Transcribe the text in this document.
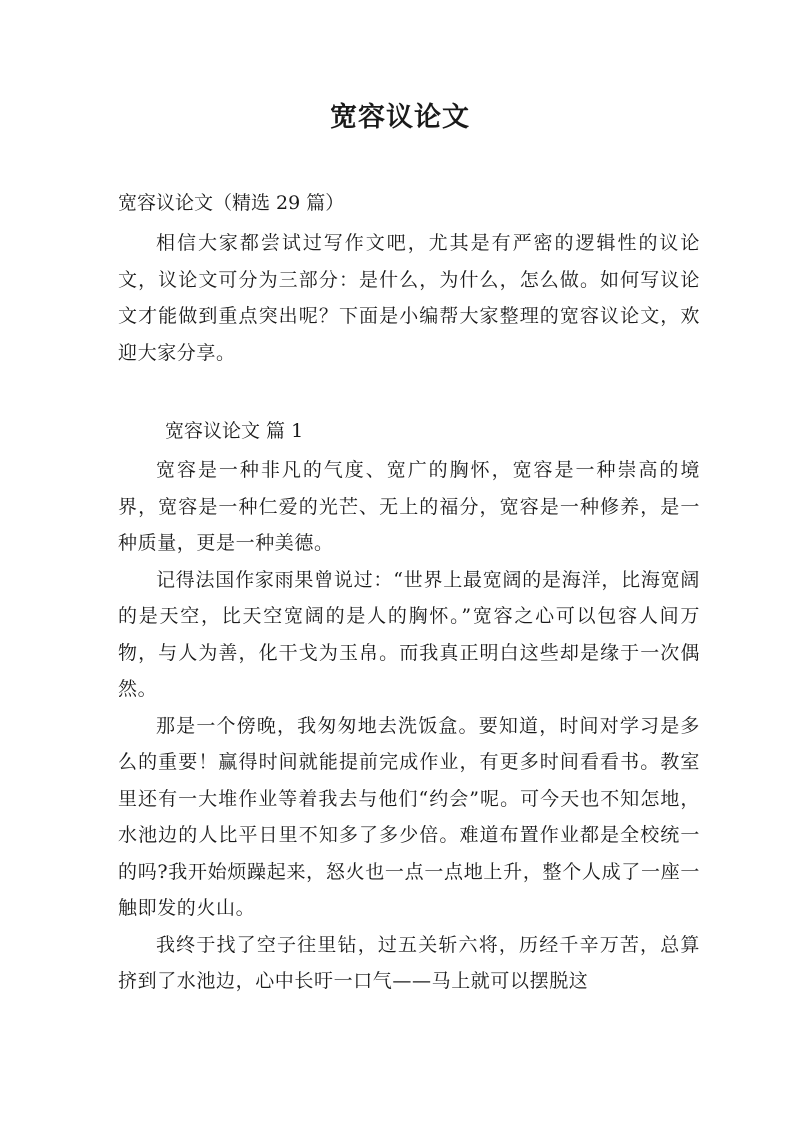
宽容议论文
宽容议论文（精选 29 篇）

相信大家都尝试过写作文吧，尤其是有严密的逻辑性的议论文，议论文可分为三部分：是什么，为什么，怎么做。如何写议论文才能做到重点突出呢？下面是小编帮大家整理的宽容议论文，欢迎大家分享。

宽容议论文 篇 1

宽容是一种非凡的气度、宽广的胸怀，宽容是一种崇高的境界，宽容是一种仁爱的光芒、无上的福分，宽容是一种修养，是一种质量，更是一种美德。

记得法国作家雨果曾说过：“世界上最宽阔的是海洋，比海宽阔的是天空，比天空宽阔的是人的胸怀。”宽容之心可以包容人间万物，与人为善，化干戈为玉帛。而我真正明白这些却是缘于一次偶然。

那是一个傍晚，我匆匆地去洗饭盒。要知道，时间对学习是多么的重要！赢得时间就能提前完成作业，有更多时间看看书。教室里还有一大堆作业等着我去与他们“约会”呢。可今天也不知怎地，水池边的人比平日里不知多了多少倍。难道布置作业都是全校统一的吗?我开始烦躁起来，怒火也一点一点地上升，整个人成了一座一触即发的火山。

我终于找了空子往里钻，过五关斩六将，历经千辛万苦，总算挤到了水池边，心中长吁一口气——马上就可以摆脱这
